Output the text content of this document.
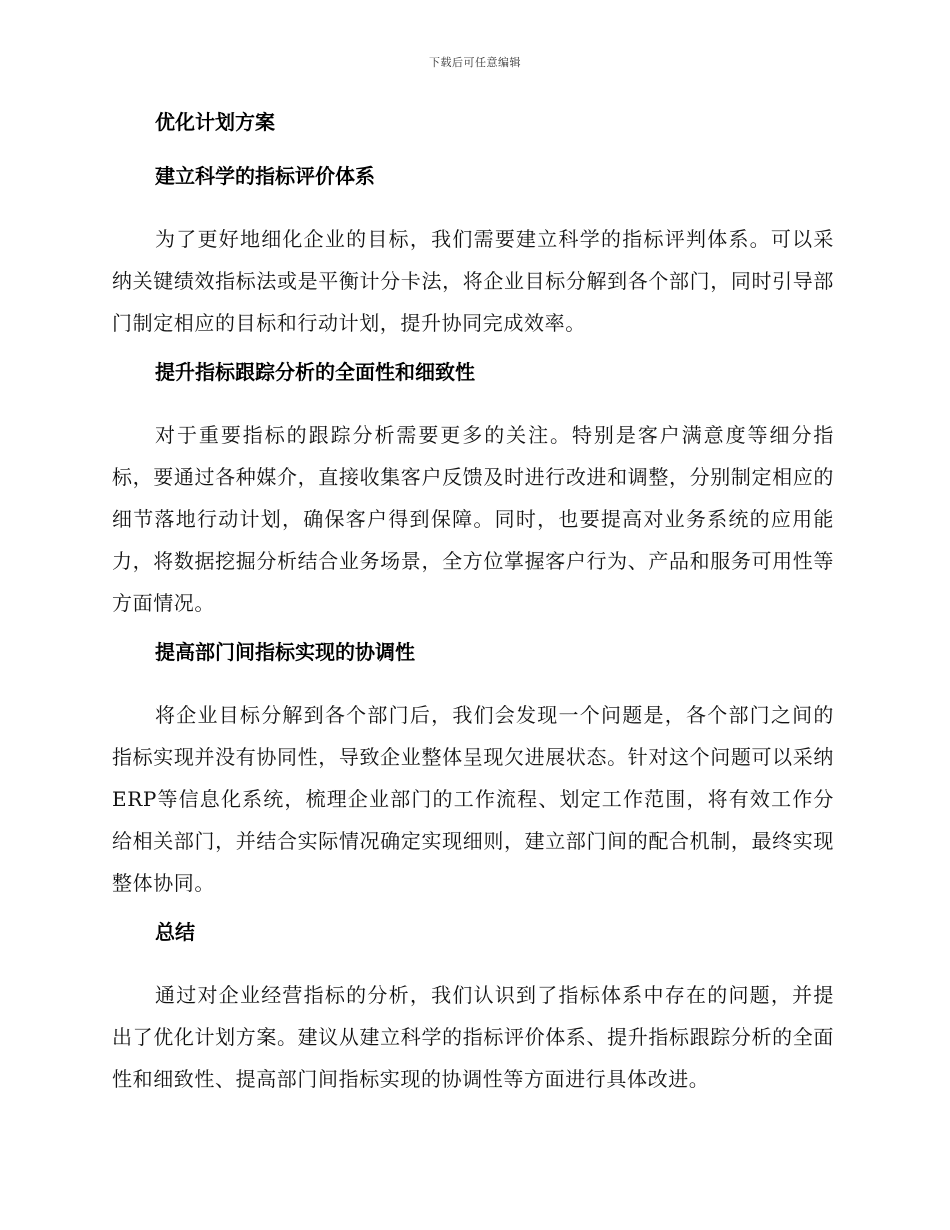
下载后可任意编辑
优化计划方案
建立科学的指标评价体系

为了更好地细化企业的目标，我们需要建立科学的指标评判体系。可以采纳关键绩效指标法或是平衡计分卡法，将企业目标分解到各个部门，同时引导部门制定相应的目标和行动计划，提升协同完成效率。

提升指标跟踪分析的全面性和细致性

对于重要指标的跟踪分析需要更多的关注。特别是客户满意度等细分指标，要通过各种媒介，直接收集客户反馈及时进行改进和调整，分别制定相应的细节落地行动计划，确保客户得到保障。同时，也要提高对业务系统的应用能力，将数据挖掘分析结合业务场景，全方位掌握客户行为、产品和服务可用性等方面情况。

提高部门间指标实现的协调性

将企业目标分解到各个部门后，我们会发现一个问题是，各个部门之间的指标实现并没有协同性，导致企业整体呈现欠进展状态。针对这个问题可以采纳ERP等信息化系统，梳理企业部门的工作流程、划定工作范围，将有效工作分给相关部门，并结合实际情况确定实现细则，建立部门间的配合机制，最终实现整体协同。

总结

通过对企业经营指标的分析，我们认识到了指标体系中存在的问题，并提出了优化计划方案。建议从建立科学的指标评价体系、提升指标跟踪分析的全面性和细致性、提高部门间指标实现的协调性等方面进行具体改进。
